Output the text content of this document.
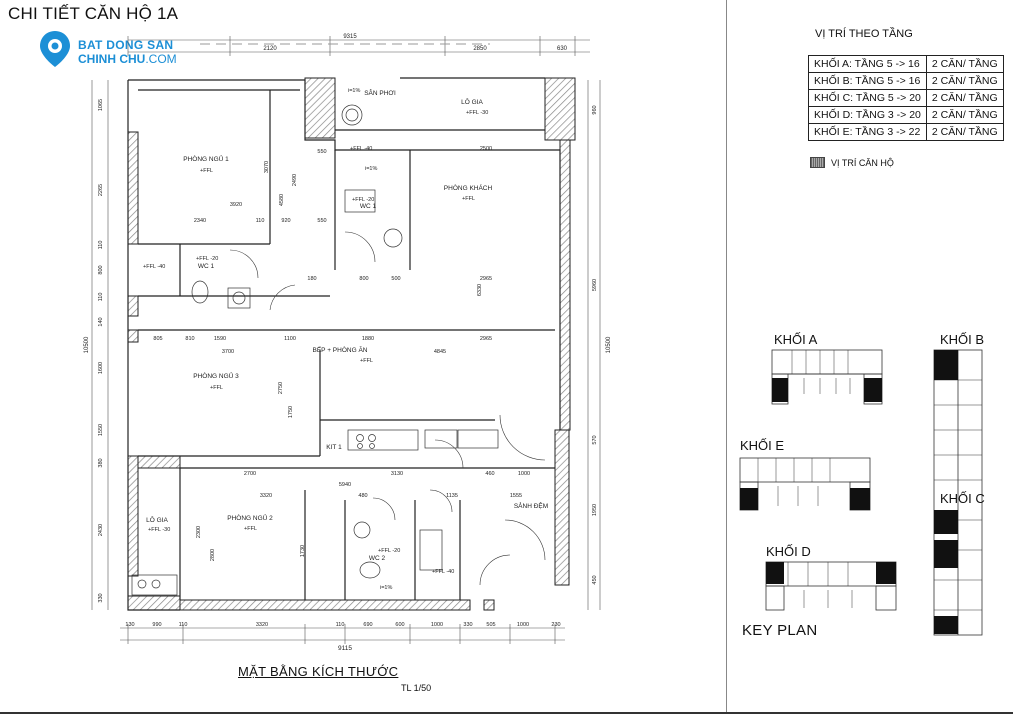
CHI TIẾT CĂN HỘ 1A
BAT DONG SAN
CHINH CHU.COM
PHÒNG NGỦ 1
PHÒNG KHÁCH
PHÒNG NGỦ 3
BẾP + PHÒNG ĂN
PHÒNG NGỦ 2
SÂN PHƠI
LÔ GIA
LÔ GIA
SẢNH ĐỆM
WC 1
WC 1
WC 2
KIT 1
+FFL
+FFL
+FFL
+FFL
+FFL
+FFL -40
+FFL -40
+FFL -40
+FFL -20
+FFL -20
+FFL -20
+FFL -30
+FFL -30
i=1%
i=1%
i=1%
9315
2120	2850	630
130	990	110	3320	110	690	600	1000	330	505	1000	230
9115
1065
2265
110
800
110
140
1600
1550
380
2430
330
10500
960
5960
10500
570
1950
450
3920
2340	110	920	550
3700
1880	2965
4845
5940
2700	3130
3320	1135	1555
805	1590	1100
2500
550
3070
4580
2490
6330
2750
1750
2800	1730
2300
480
810
1000
460
2965
500
180	800
MẶT BẰNG KÍCH THƯỚC
TL 1/50
VỊ TRÍ THEO TẦNG
KHỐI A: TẦNG 5 -> 16	2 CĂN/ TẦNG
KHỐI B: TẦNG 5 -> 16	2 CĂN/ TẦNG
KHỐI C: TẦNG 5 -> 20	2 CĂN/ TẦNG
KHỐI D: TẦNG 3 -> 20	2 CĂN/ TẦNG
KHỐI E: TẦNG 3 -> 22	2 CĂN/ TẦNG
VỊ TRÍ CĂN HỘ
KHỐI A	KHỐI B
KHỐI E
KHỐI C
KHỐI D
KEY PLAN
